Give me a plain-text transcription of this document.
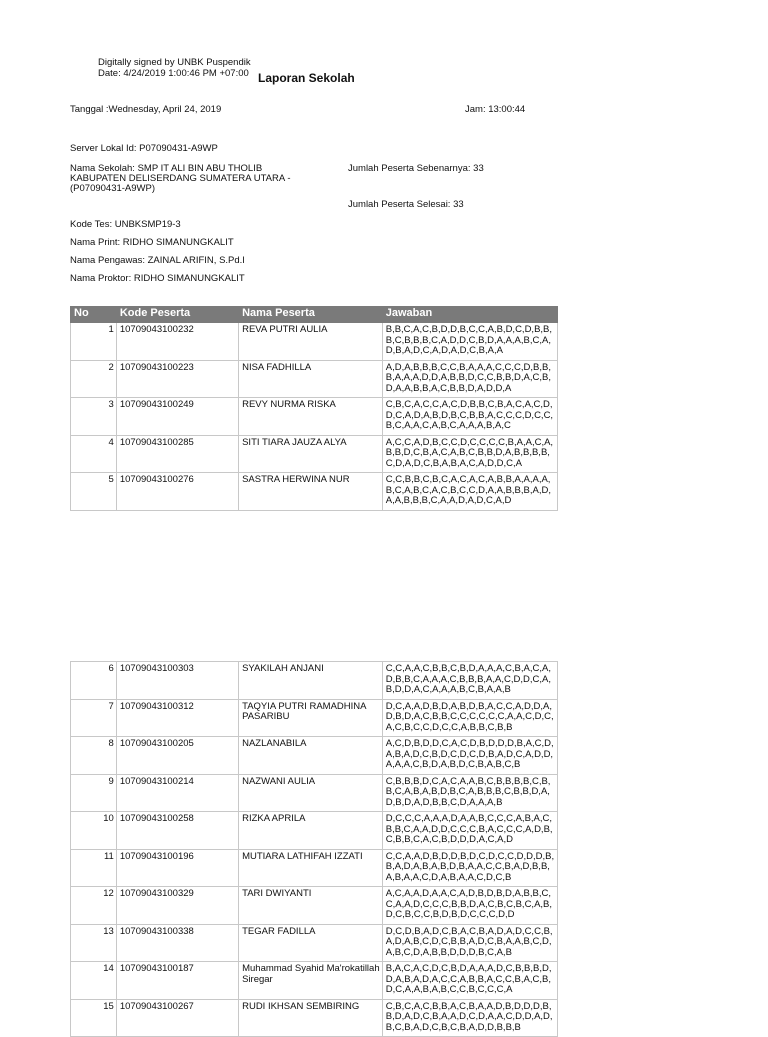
Digitally signed by UNBK Puspendik
Date: 4/24/2019 1:00:46 PM +07:00 Laporan Sekolah
Tanggal :Wednesday, April 24, 2019	Jam: 13:00:44
Server Lokal Id: P07090431-A9WP
Nama Sekolah: SMP IT ALI BIN ABU THOLIB
KABUPATEN DELISERDANG SUMATERA UTARA -
(P07090431-A9WP)
Jumlah Peserta Sebenarnya: 33
Jumlah Peserta Selesai: 33
Kode Tes: UNBKSMP19-3
Nama Print: RIDHO SIMANUNGKALIT
Nama Pengawas: ZAINAL ARIFIN, S.Pd.I
Nama Proktor: RIDHO SIMANUNGKALIT
No	Kode Peserta	Nama Peserta	Jawaban
1	10709043100232	REVA PUTRI AULIA	B,B,C,A,C,B,D,D,B,C,C,A,B,D,C,D,B,B,B,C,B,B,B,C,A,D,D,C,B,D,A,A,A,B,C,A,D,B,A,D,C,A,D,A,D,C,B,A,A
2	10709043100223	NISA FADHILLA	A,D,A,B,B,B,C,C,B,A,A,A,C,C,C,D,B,B,B,A,A,A,D,D,A,B,B,D,C,C,B,B,D,A,C,B,D,A,A,B,B,A,C,B,B,D,A,D,D,A
3	10709043100249	REVY NURMA RISKA	C,B,C,A,C,C,A,C,D,B,B,C,B,A,C,A,C,D,D,C,A,D,A,B,D,B,C,B,B,A,C,C,C,D,C,C,B,C,A,A,C,A,B,C,A,A,A,B,A,C
4	10709043100285	SITI TIARA JAUZA ALYA	A,C,C,A,D,B,C,C,D,C,C,C,C,B,A,A,C,A,B,B,D,C,B,A,C,A,B,C,B,B,D,A,B,B,B,B,C,D,A,D,C,B,A,B,A,C,A,D,D,C,A
5	10709043100276	SASTRA HERWINA NUR	C,C,B,B,C,B,C,A,C,A,C,A,B,B,A,A,A,A,B,C,A,B,C,A,C,B,C,C,D,A,A,B,B,B,A,D,A,A,B,B,B,C,A,A,D,A,D,C,A,D
6	10709043100303	SYAKILAH ANJANI	C,C,A,A,C,B,B,C,B,D,A,A,A,C,B,A,C,A,D,B,B,C,A,A,A,C,B,B,B,A,A,C,D,D,C,A,B,D,D,A,C,A,A,A,B,C,B,A,A,B
7	10709043100312	TAQYIA PUTRI RAMADHINA PASARIBU	D,C,A,A,D,B,D,A,B,D,B,A,C,C,A,D,D,A,D,B,D,A,C,B,B,C,C,C,C,C,C,A,A,C,D,C,A,C,B,C,C,D,C,C,A,B,B,C,B,B
8	10709043100205	NAZLANABILA	A,C,D,B,D,D,C,A,C,D,B,D,D,D,B,A,C,D,A,B,A,D,C,B,D,C,D,C,D,B,A,D,C,A,D,D,A,A,A,C,B,D,A,B,D,C,B,A,B,C,B
9	10709043100214	NAZWANI AULIA	C,B,B,B,D,C,A,C,A,A,B,C,B,B,B,B,C,B,B,C,A,B,A,B,D,B,C,A,B,B,B,C,B,B,D,A,D,B,D,A,D,B,B,C,D,A,A,A,B
10	10709043100258	RIZKA APRILA	D,C,C,C,A,A,A,D,A,A,B,C,C,C,A,B,A,C,B,B,C,A,A,D,D,C,C,C,B,A,C,C,C,A,D,B,C,B,B,C,A,C,B,D,D,D,A,C,A,D
11	10709043100196	MUTIARA LATHIFAH IZZATI	C,C,A,A,D,B,D,D,B,D,C,D,C,C,D,D,D,B,B,A,D,A,B,A,B,D,B,A,A,C,C,B,A,D,B,B,A,B,A,A,C,D,A,B,A,A,C,D,C,B
12	10709043100329	TARI DWIYANTI	A,C,A,A,D,A,A,C,A,D,B,D,B,D,A,B,B,C,C,A,A,D,C,C,C,B,B,D,A,C,B,C,B,C,A,B,D,C,B,C,C,B,D,B,D,C,C,C,D,D
13	10709043100338	TEGAR FADILLA	D,C,D,B,A,D,C,B,A,C,B,A,D,A,D,C,C,B,A,D,A,B,C,D,C,B,B,A,D,C,B,A,A,B,C,D,A,B,C,D,A,B,B,D,D,D,B,C,A,B
14	10709043100187	Muhammad Syahid Ma'rokatillah Siregar	B,A,C,A,C,D,C,B,D,A,A,A,D,C,B,B,B,D,D,A,B,A,D,A,C,C,A,B,B,A,C,C,B,A,C,B,D,C,A,A,B,A,B,C,C,B,C,C,C,A
15	10709043100267	RUDI IKHSAN SEMBIRING	C,B,C,A,C,B,B,A,C,B,A,A,D,B,D,D,D,B,B,D,A,D,C,B,A,A,D,C,D,A,A,C,D,D,A,D,B,C,B,A,D,C,B,C,B,A,D,D,B,B,B
